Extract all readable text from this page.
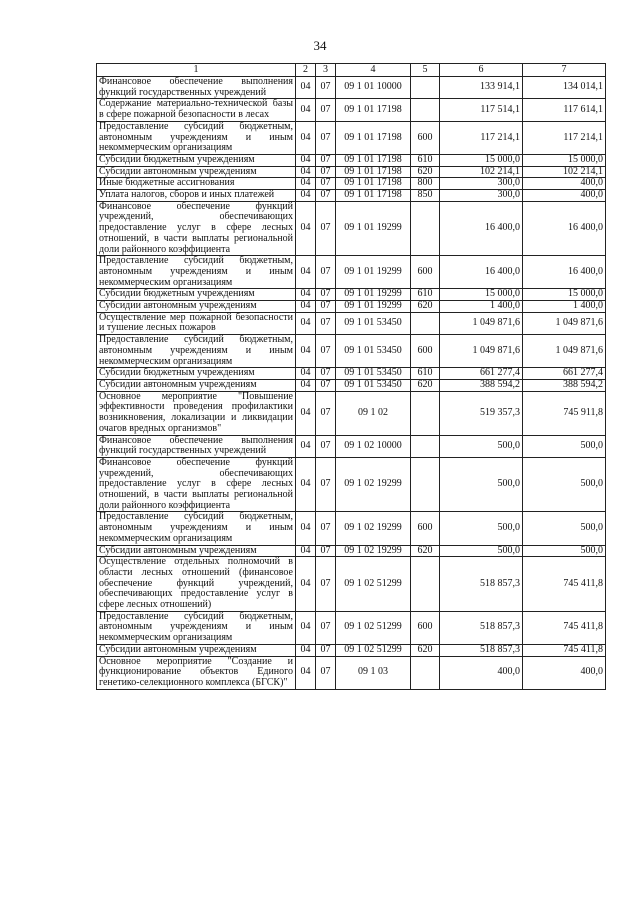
34
1	2	3	4	5	6	7
Финансовое обеспечение выполнения функций государственных учреждений	04	07	09 1 01 10000		133 914,1	134 014,1
Содержание материально-технической базы в сфере пожарной безопасности в лесах	04	07	09 1 01 17198		117 514,1	117 614,1
Предоставление субсидий бюджетным, автономным учреждениям и иным некоммерческим организациям	04	07	09 1 01 17198	600	117 214,1	117 214,1
Субсидии бюджетным учреждениям	04	07	09 1 01 17198	610	15 000,0	15 000,0
Субсидии автономным учреждениям	04	07	09 1 01 17198	620	102 214,1	102 214,1
Иные бюджетные ассигнования	04	07	09 1 01 17198	800	300,0	400,0
Уплата налогов, сборов и иных платежей	04	07	09 1 01 17198	850	300,0	400,0
Финансовое обеспечение функций учреждений, обеспечивающих предоставление услуг в сфере лесных отношений, в части выплаты региональной доли районного коэффициента	04	07	09 1 01 19299		16 400,0	16 400,0
Предоставление субсидий бюджетным, автономным учреждениям и иным некоммерческим организациям	04	07	09 1 01 19299	600	16 400,0	16 400,0
Субсидии бюджетным учреждениям	04	07	09 1 01 19299	610	15 000,0	15 000,0
Субсидии автономным учреждениям	04	07	09 1 01 19299	620	1 400,0	1 400,0
Осуществление мер пожарной безопасности и тушение лесных пожаров	04	07	09 1 01 53450		1 049 871,6	1 049 871,6
Предоставление субсидий бюджетным, автономным учреждениям и иным некоммерческим организациям	04	07	09 1 01 53450	600	1 049 871,6	1 049 871,6
Субсидии бюджетным учреждениям	04	07	09 1 01 53450	610	661 277,4	661 277,4
Субсидии автономным учреждениям	04	07	09 1 01 53450	620	388 594,2	388 594,2
Основное мероприятие "Повышение эффективности проведения профилактики возникновения, локализации и ликвидации очагов вредных организмов"	04	07	09 1 02		519 357,3	745 911,8
Финансовое обеспечение выполнения функций государственных учреждений	04	07	09 1 02 10000		500,0	500,0
Финансовое обеспечение функций учреждений, обеспечивающих предоставление услуг в сфере лесных отношений, в части выплаты региональной доли районного коэффициента	04	07	09 1 02 19299		500,0	500,0
Предоставление субсидий бюджетным, автономным учреждениям и иным некоммерческим организациям	04	07	09 1 02 19299	600	500,0	500,0
Субсидии автономным учреждениям	04	07	09 1 02 19299	620	500,0	500,0
Осуществление отдельных полномочий в области лесных отношений (финансовое обеспечение функций учреждений, обеспечивающих предоставление услуг в сфере лесных отношений)	04	07	09 1 02 51299		518 857,3	745 411,8
Предоставление субсидий бюджетным, автономным учреждениям и иным некоммерческим организациям	04	07	09 1 02 51299	600	518 857,3	745 411,8
Субсидии автономным учреждениям	04	07	09 1 02 51299	620	518 857,3	745 411,8
Основное мероприятие "Создание и функционирование объектов Единого генетико-селекционного комплекса (БГСК)"	04	07	09 1 03		400,0	400,0
